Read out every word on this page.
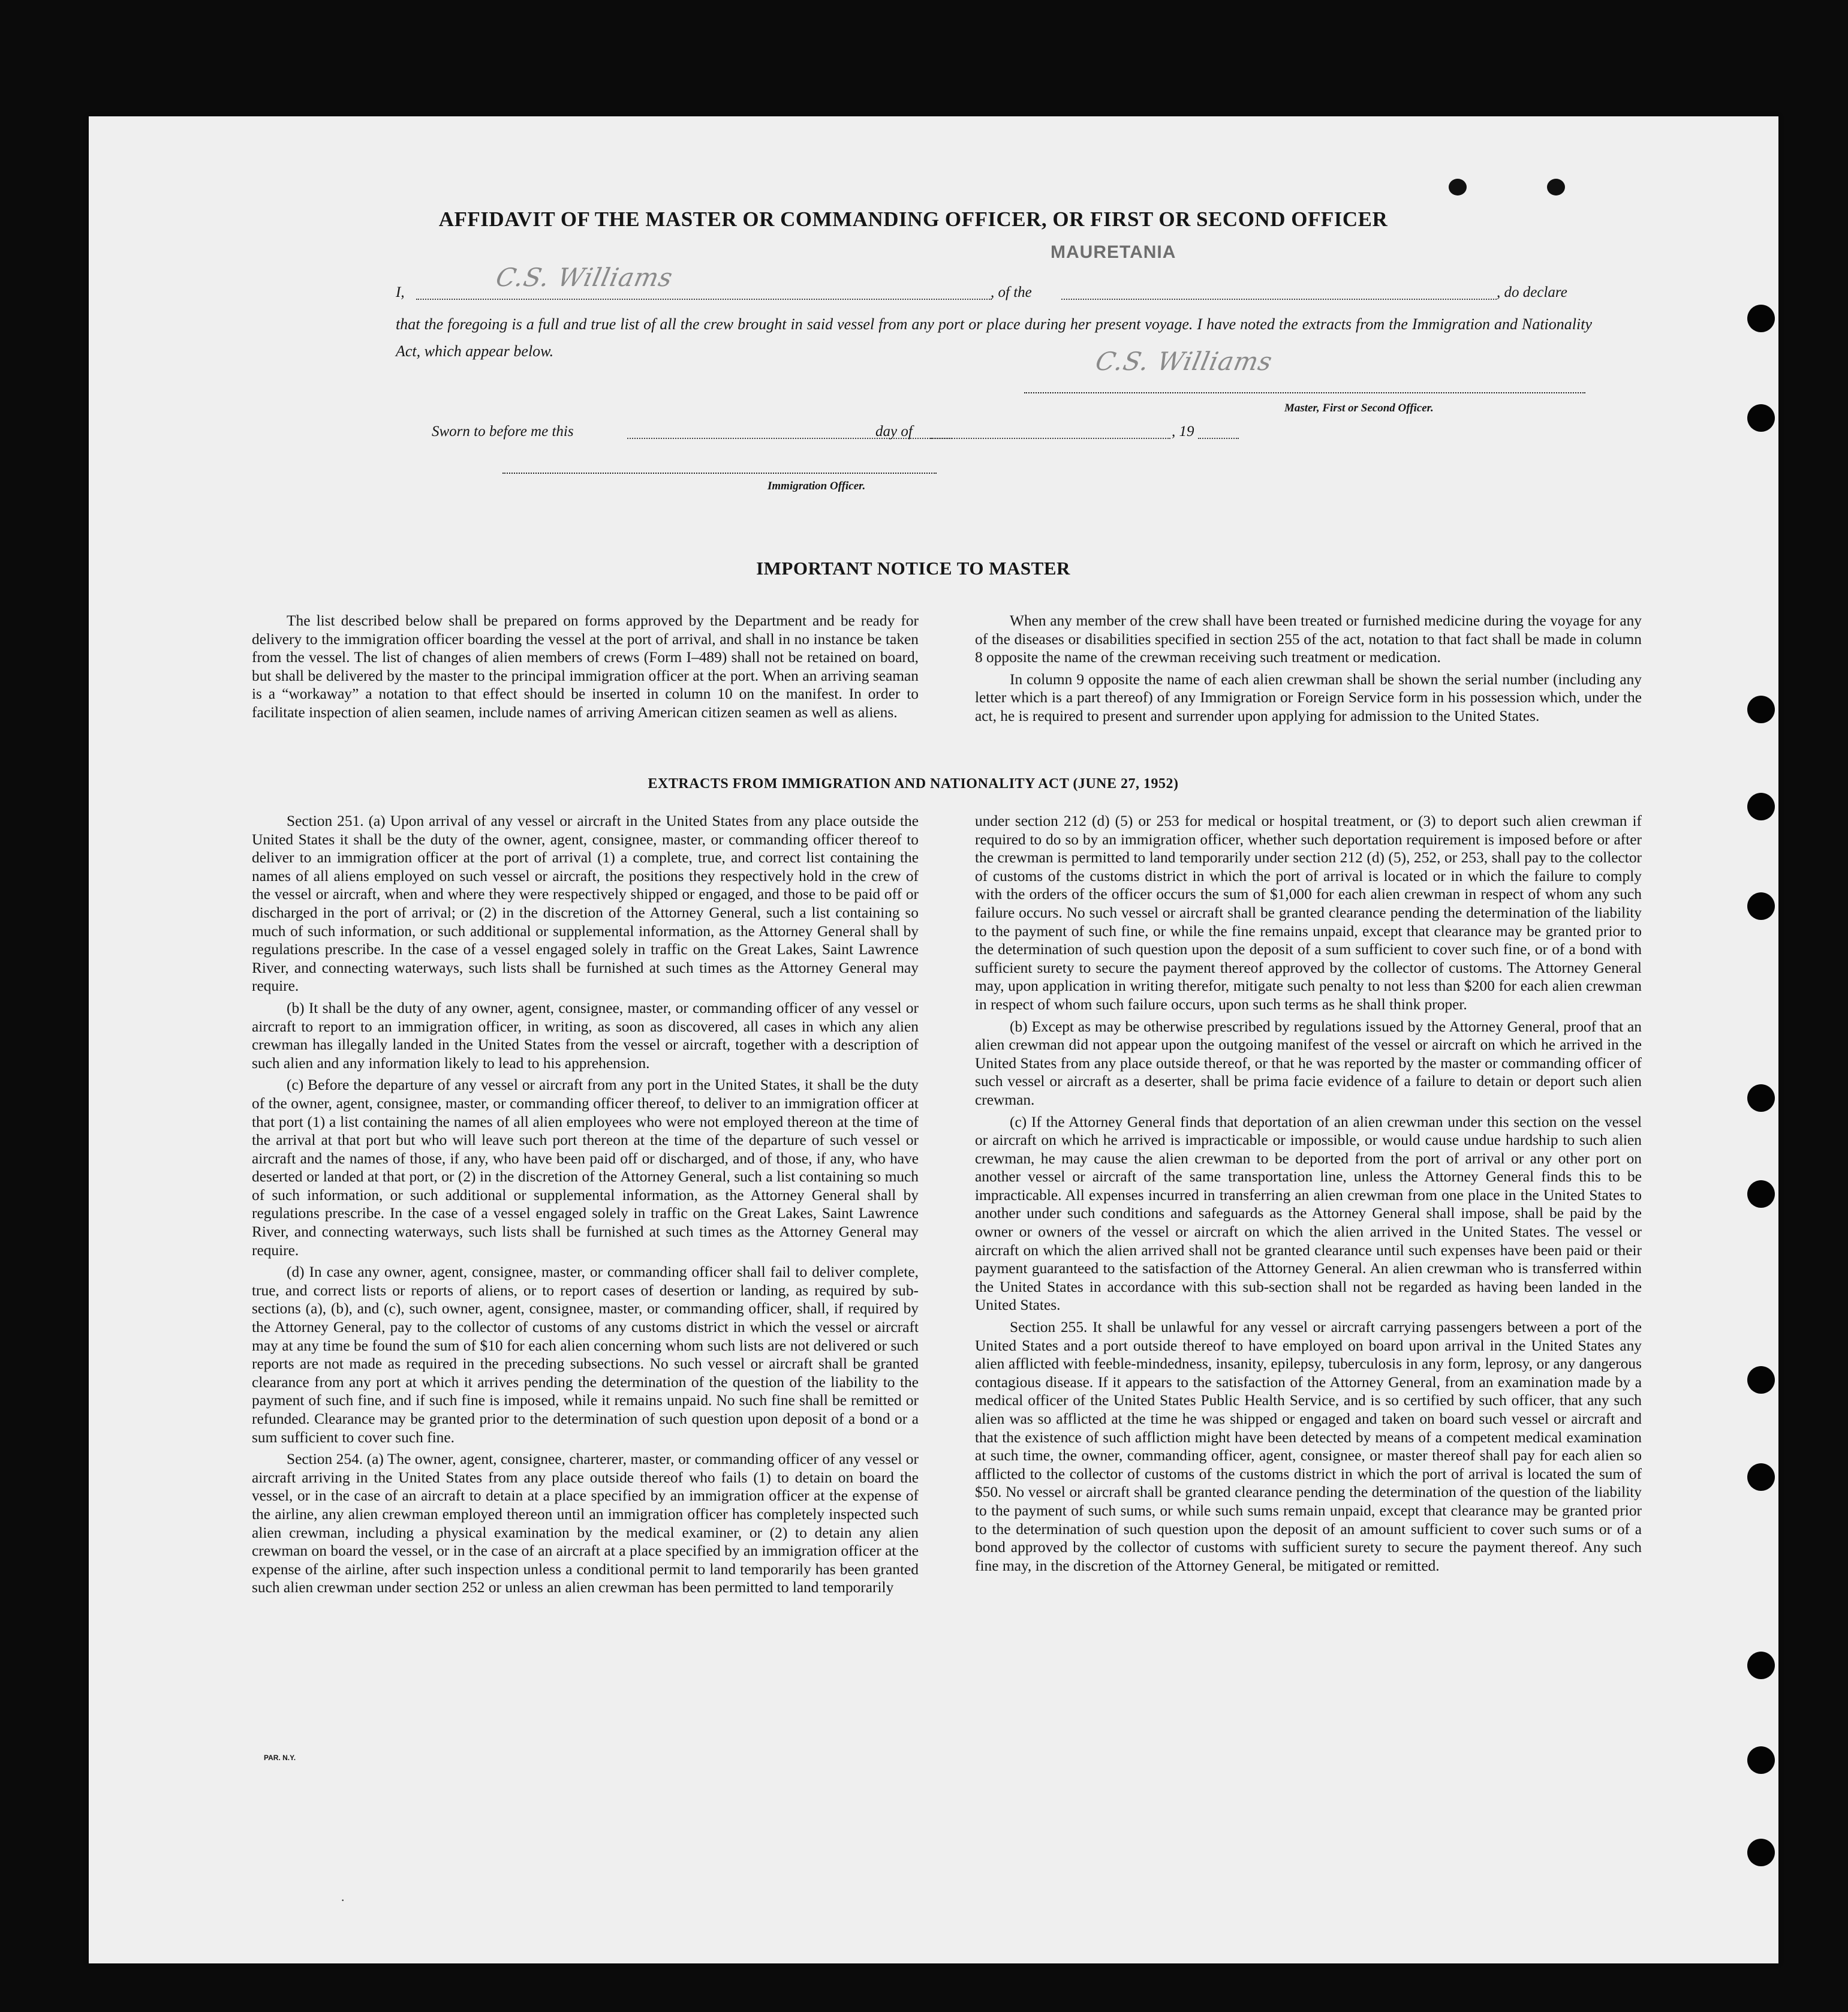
AFFIDAVIT OF THE MASTER OR COMMANDING OFFICER, OR FIRST OR SECOND OFFICER
MAURETANIA
I,
C.S. Williams
, of the	, do declare
that the foregoing is a full and true list of all the crew brought in said vessel from any port or place during her present voyage. I have noted the extracts from the Immigration and Nationality Act, which appear below.	C.S. Williams
Master, First or Second Officer.
Sworn to before me this	day of	, 19
Immigration Officer.
IMPORTANT NOTICE TO MASTER

The list described below shall be prepared on forms approved by the Department and be ready for delivery to the immigration officer boarding the vessel at the port of arrival, and shall in no instance be taken from the vessel. The list of changes of alien members of crews (Form I–489) shall not be retained on board, but shall be delivered by the master to the principal immigration officer at the port. When an arriving seaman is a “workaway” a notation to that effect should be inserted in column 10 on the manifest. In order to facilitate inspection of alien seamen, include names of arriving American citizen seamen as well as aliens.

When any member of the crew shall have been treated or furnished medicine during the voyage for any of the diseases or disabilities specified in section 255 of the act, notation to that fact shall be made in column 8 opposite the name of the crewman receiving such treatment or medication.

In column 9 opposite the name of each alien crewman shall be shown the serial number (including any letter which is a part thereof) of any Immigration or Foreign Service form in his possession which, under the act, he is required to present and surrender upon applying for admission to the United States.

EXTRACTS FROM IMMIGRATION AND NATIONALITY ACT (JUNE 27, 1952)

Section 251. (a) Upon arrival of any vessel or aircraft in the United States from any place outside the United States it shall be the duty of the owner, agent, consignee, master, or commanding officer thereof to deliver to an immigration officer at the port of arrival (1) a complete, true, and correct list containing the names of all aliens employed on such vessel or aircraft, the positions they respectively hold in the crew of the vessel or aircraft, when and where they were respectively shipped or engaged, and those to be paid off or discharged in the port of arrival; or (2) in the discretion of the Attorney General, such a list containing so much of such information, or such additional or supplemental information, as the Attorney General shall by regulations prescribe. In the case of a vessel engaged solely in traffic on the Great Lakes, Saint Lawrence River, and connecting waterways, such lists shall be furnished at such times as the Attorney General may require.

(b) It shall be the duty of any owner, agent, consignee, master, or commanding officer of any vessel or aircraft to report to an immigration officer, in writing, as soon as discovered, all cases in which any alien crewman has illegally landed in the United States from the vessel or aircraft, together with a description of such alien and any information likely to lead to his apprehension.

(c) Before the departure of any vessel or aircraft from any port in the United States, it shall be the duty of the owner, agent, consignee, master, or commanding officer thereof, to deliver to an immigration officer at that port (1) a list containing the names of all alien employees who were not employed thereon at the time of the arrival at that port but who will leave such port thereon at the time of the departure of such vessel or aircraft and the names of those, if any, who have been paid off or discharged, and of those, if any, who have deserted or landed at that port, or (2) in the discretion of the Attorney General, such a list containing so much of such information, or such additional or supplemental information, as the Attorney General shall by regulations prescribe. In the case of a vessel engaged solely in traffic on the Great Lakes, Saint Lawrence River, and connecting waterways, such lists shall be furnished at such times as the Attorney General may require.

(d) In case any owner, agent, consignee, master, or commanding officer shall fail to deliver complete, true, and correct lists or reports of aliens, or to report cases of desertion or landing, as required by sub-sections (a), (b), and (c), such owner, agent, consignee, master, or commanding officer, shall, if required by the Attorney General, pay to the collector of customs of any customs district in which the vessel or aircraft may at any time be found the sum of $10 for each alien concerning whom such lists are not delivered or such reports are not made as required in the preceding subsections. No such vessel or aircraft shall be granted clearance from any port at which it arrives pending the determination of the question of the liability to the payment of such fine, and if such fine is imposed, while it remains unpaid. No such fine shall be remitted or refunded. Clearance may be granted prior to the determination of such question upon deposit of a bond or a sum sufficient to cover such fine.

Section 254. (a) The owner, agent, consignee, charterer, master, or commanding officer of any vessel or aircraft arriving in the United States from any place outside thereof who fails (1) to detain on board the vessel, or in the case of an aircraft to detain at a place specified by an immigration officer at the expense of the airline, any alien crewman employed thereon until an immigration officer has completely inspected such alien crewman, including a physical examination by the medical examiner, or (2) to detain any alien crewman on board the vessel, or in the case of an aircraft at a place specified by an immigration officer at the expense of the airline, after such inspection unless a conditional permit to land temporarily has been granted such alien crewman under section 252 or unless an alien crewman has been permitted to land temporarily

under section 212 (d) (5) or 253 for medical or hospital treatment, or (3) to deport such alien crewman if required to do so by an immigration officer, whether such deportation requirement is imposed before or after the crewman is permitted to land temporarily under section 212 (d) (5), 252, or 253, shall pay to the collector of customs of the customs district in which the port of arrival is located or in which the failure to comply with the orders of the officer occurs the sum of $1,000 for each alien crewman in respect of whom any such failure occurs. No such vessel or aircraft shall be granted clearance pending the determination of the liability to the payment of such fine, or while the fine remains unpaid, except that clearance may be granted prior to the determination of such question upon the deposit of a sum sufficient to cover such fine, or of a bond with sufficient surety to secure the payment thereof approved by the collector of customs. The Attorney General may, upon application in writing therefor, mitigate such penalty to not less than $200 for each alien crewman in respect of whom such failure occurs, upon such terms as he shall think proper.

(b) Except as may be otherwise prescribed by regulations issued by the Attorney General, proof that an alien crewman did not appear upon the outgoing manifest of the vessel or aircraft on which he arrived in the United States from any place outside thereof, or that he was reported by the master or commanding officer of such vessel or aircraft as a deserter, shall be prima facie evidence of a failure to detain or deport such alien crewman.

(c) If the Attorney General finds that deportation of an alien crewman under this section on the vessel or aircraft on which he arrived is impracticable or impossible, or would cause undue hardship to such alien crewman, he may cause the alien crewman to be deported from the port of arrival or any other port on another vessel or aircraft of the same transportation line, unless the Attorney General finds this to be impracticable. All expenses incurred in transferring an alien crewman from one place in the United States to another under such conditions and safeguards as the Attorney General shall impose, shall be paid by the owner or owners of the vessel or aircraft on which the alien arrived in the United States. The vessel or aircraft on which the alien arrived shall not be granted clearance until such expenses have been paid or their payment guaranteed to the satisfaction of the Attorney General. An alien crewman who is transferred within the United States in accordance with this sub-section shall not be regarded as having been landed in the United States.

Section 255. It shall be unlawful for any vessel or aircraft carrying passengers between a port of the United States and a port outside thereof to have employed on board upon arrival in the United States any alien afflicted with feeble-mindedness, insanity, epilepsy, tuberculosis in any form, leprosy, or any dangerous contagious disease. If it appears to the satisfaction of the Attorney General, from an examination made by a medical officer of the United States Public Health Service, and is so certified by such officer, that any such alien was so afflicted at the time he was shipped or engaged and taken on board such vessel or aircraft and that the existence of such affliction might have been detected by means of a competent medical examination at such time, the owner, commanding officer, agent, consignee, or master thereof shall pay for each alien so afflicted to the collector of customs of the customs district in which the port of arrival is located the sum of $50. No vessel or aircraft shall be granted clearance pending the determination of the question of the liability to the payment of such sums, or while such sums remain unpaid, except that clearance may be granted prior to the determination of such question upon the deposit of an amount sufficient to cover such sums or of a bond approved by the collector of customs with sufficient surety to secure the payment thereof. Any such fine may, in the discretion of the Attorney General, be mitigated or remitted.

PAR. N.Y.
·
